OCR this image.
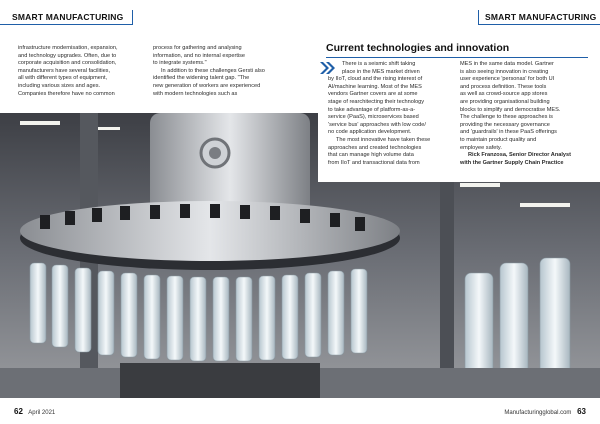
SMART MANUFACTURING	SMART MANUFACTURING

infrastructure modernisation, expansion,

and technology upgrades. Often, due to

corporate acquisition and consolidation,

manufacturers have several facilities,

all with different types of equipment,

including various sizes and ages.

Companies therefore have no common

process for gathering and analysing

information, and no internal expertise

to integrate systems."

In addition to these challenges Gersti also

identified the widening talent gap. "The

new generation of workers are experienced

with modern technologies such as

Current technologies and innovation

There is a seismic shift taking

place in the MES market driven

by IIoT, cloud and the rising interest of

AI/machine learning. Most of the MES

vendors Gartner covers are at some

stage of rearchitecting their technology

to take advantage of platform-as-a-

service (PaaS), microservices based

'service bus' approaches with low code/

no code application development.

The most innovative have taken these

approaches and created technologies

that can manage high volume data

from IIoT and transactional data from

MES in the same data model. Gartner

is also seeing innovation in creating

user experience 'personas' for both UI

and process definition. These tools

as well as crowd-source app stores

are providing organisational building

blocks to simplify and democratise MES.

The challenge to these approaches is

providing the necessary governance

and 'guardrails' in these PaaS offerings

to maintain product quality and

employee safety.

Rick Franzosa, Senior Director Analyst

with the Gartner Supply Chain Practice

62 April 2021	Manufacturingglobal.com 63
